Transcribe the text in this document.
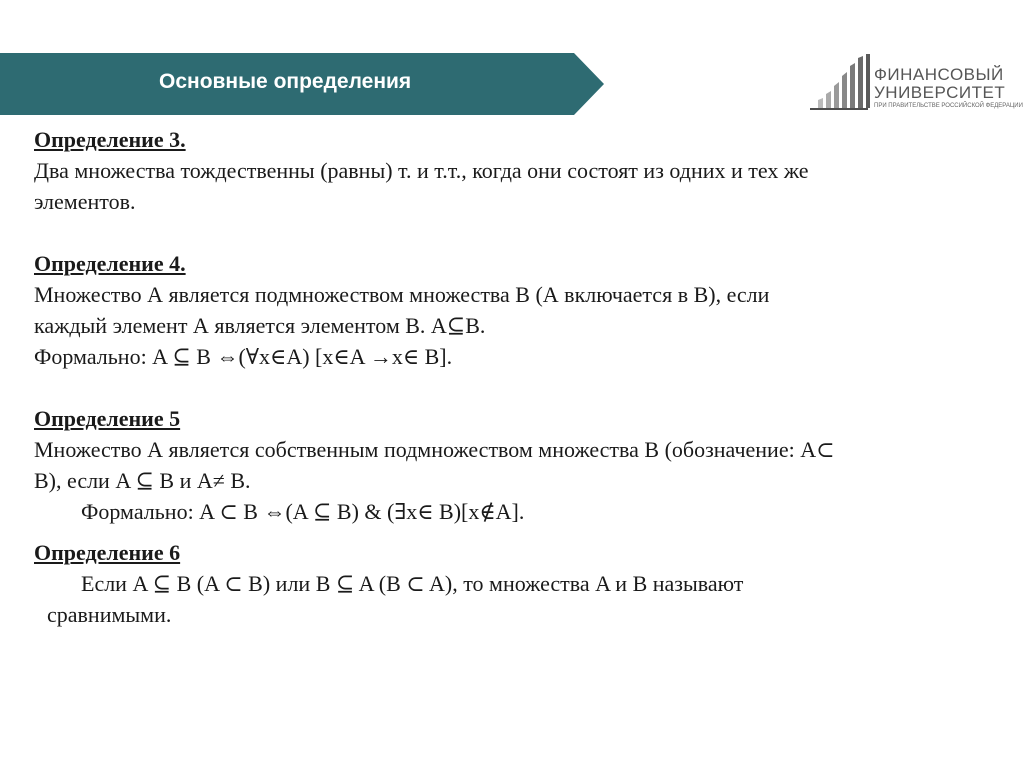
Основные определения	ФИНАНСОВЫЙ
УНИВЕРСИТЕТ
ПРИ ПРАВИТЕЛЬСТВЕ РОССИЙСКОЙ ФЕДЕРАЦИИ
Определение 3.
Два множества тождественны (равны) т. и т.т., когда они состоят из одних и тех же
элементов.
Определение 4.
Множество А является подмножеством множества В (А включается в В), если
каждый элемент А является элементом В. А⊆В.
Формально: A ⊆ B ⇔(∀x∈A) [x∈A →x∈ B].
Определение 5
Множество А является собственным подмножеством множества B (обозначение: A⊂
B), если A ⊆ B и A≠ B.
Формально: A ⊂ B ⇔(A ⊆ B) & (∃x∈ B)[x∉A].
Определение 6
Если A ⊆ B (A ⊂ B) или B ⊆ A (B ⊂ A), то множества A и B называют
сравнимыми.
